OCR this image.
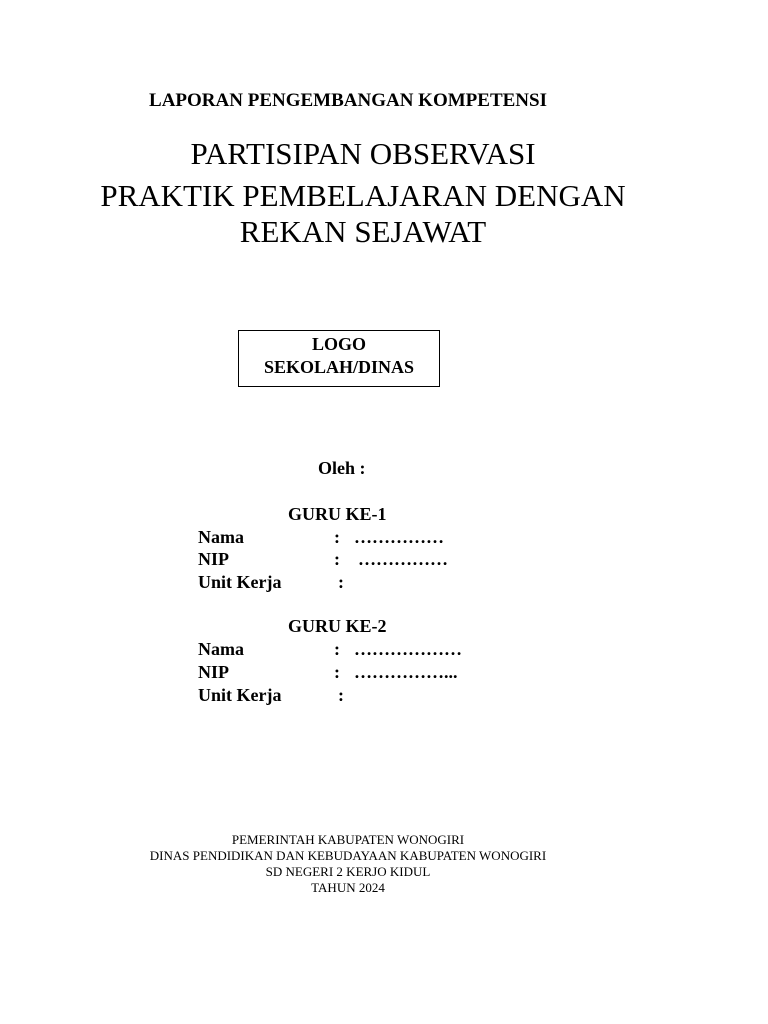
LAPORAN PENGEMBANGAN KOMPETENSI
PARTISIPAN OBSERVASI
PRAKTIK PEMBELAJARAN DENGAN
REKAN SEJAWAT
LOGO
SEKOLAH/DINAS
Oleh :
GURU KE-1
Nama	: ……………
NIP	: ……………
Unit Kerja	:
GURU KE-2
Nama	: ………………
NIP	: ……………...
Unit Kerja	:
PEMERINTAH KABUPATEN WONOGIRI
DINAS PENDIDIKAN DAN KEBUDAYAAN KABUPATEN WONOGIRI
SD NEGERI 2 KERJO KIDUL
TAHUN 2024
